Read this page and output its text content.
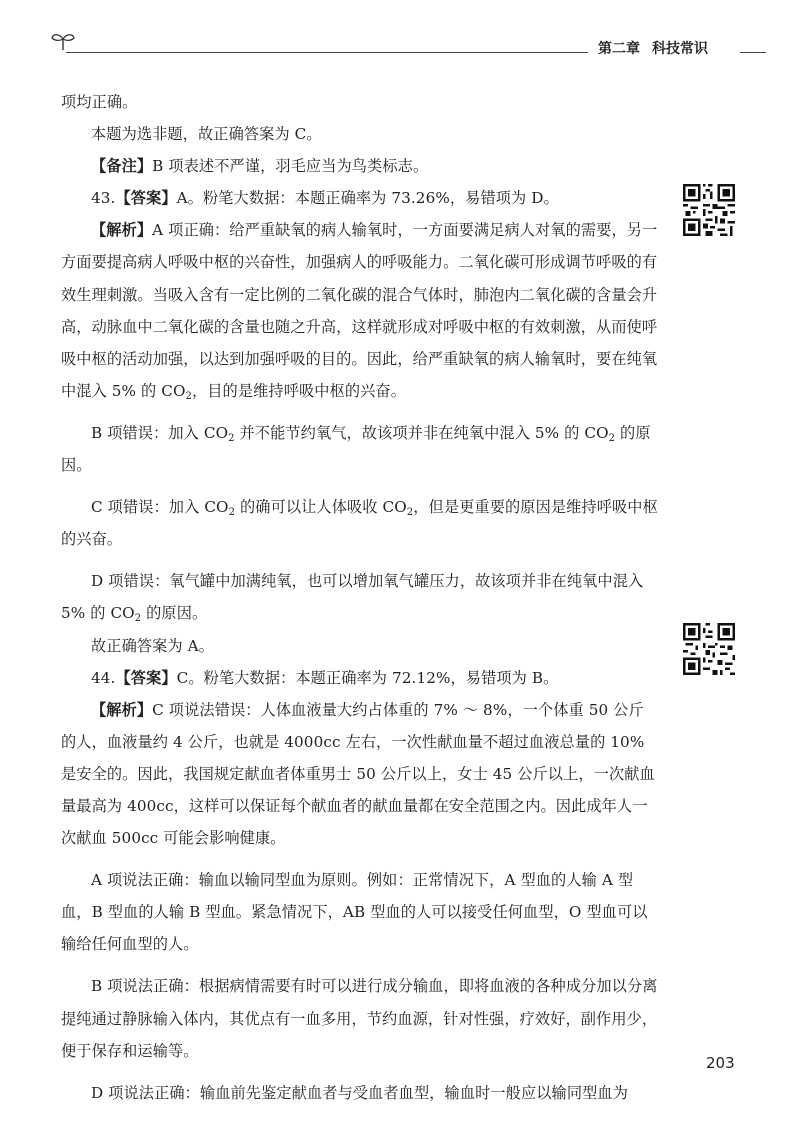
第二章 科技常识

项均正确。

本题为选非题，故正确答案为 C。

【备注】B 项表述不严谨，羽毛应当为鸟类标志。

43.【答案】A。粉笔大数据：本题正确率为 73.26%，易错项为 D。

【解析】A 项正确：给严重缺氧的病人输氧时，一方面要满足病人对氧的需要，另一方面要提高病人呼吸中枢的兴奋性，加强病人的呼吸能力。二氧化碳可形成调节呼吸的有效生理刺激。当吸入含有一定比例的二氧化碳的混合气体时，肺泡内二氧化碳的含量会升高，动脉血中二氧化碳的含量也随之升高，这样就形成对呼吸中枢的有效刺激，从而使呼吸中枢的活动加强，以达到加强呼吸的目的。因此，给严重缺氧的病人输氧时，要在纯氧中混入 5% 的 $CO_2$，目的是维持呼吸中枢的兴奋。

B 项错误：加入 $CO_2$ 并不能节约氧气，故该项并非在纯氧中混入 5% 的 $CO_2$ 的原因。

C 项错误：加入 $CO_2$ 的确可以让人体吸收 $CO_2$，但是更重要的原因是维持呼吸中枢的兴奋。

D 项错误：氧气罐中加满纯氧，也可以增加氧气罐压力，故该项并非在纯氧中混入 5% 的 $CO_2$ 的原因。

故正确答案为 A。

44.【答案】C。粉笔大数据：本题正确率为 72.12%，易错项为 B。

【解析】C 项说法错误：人体血液量大约占体重的 7% ～ 8%，一个体重 50 公斤的人，血液量约 4 公斤，也就是 4000cc 左右，一次性献血量不超过血液总量的 10% 是安全的。因此，我国规定献血者体重男士 50 公斤以上，女士 45 公斤以上，一次献血量最高为 400cc，这样可以保证每个献血者的献血量都在安全范围之内。因此成年人一次献血 500cc 可能会影响健康。

A 项说法正确：输血以输同型血为原则。例如：正常情况下，A 型血的人输 A 型血，B 型血的人输 B 型血。紧急情况下，AB 型血的人可以接受任何血型，O 型血可以输给任何血型的人。

B 项说法正确：根据病情需要有时可以进行成分输血，即将血液的各种成分加以分离提纯通过静脉输入体内，其优点有一血多用，节约血源，针对性强，疗效好，副作用少，便于保存和运输等。

D 项说法正确：输血前先鉴定献血者与受血者血型，输血时一般应以输同型血为

203
